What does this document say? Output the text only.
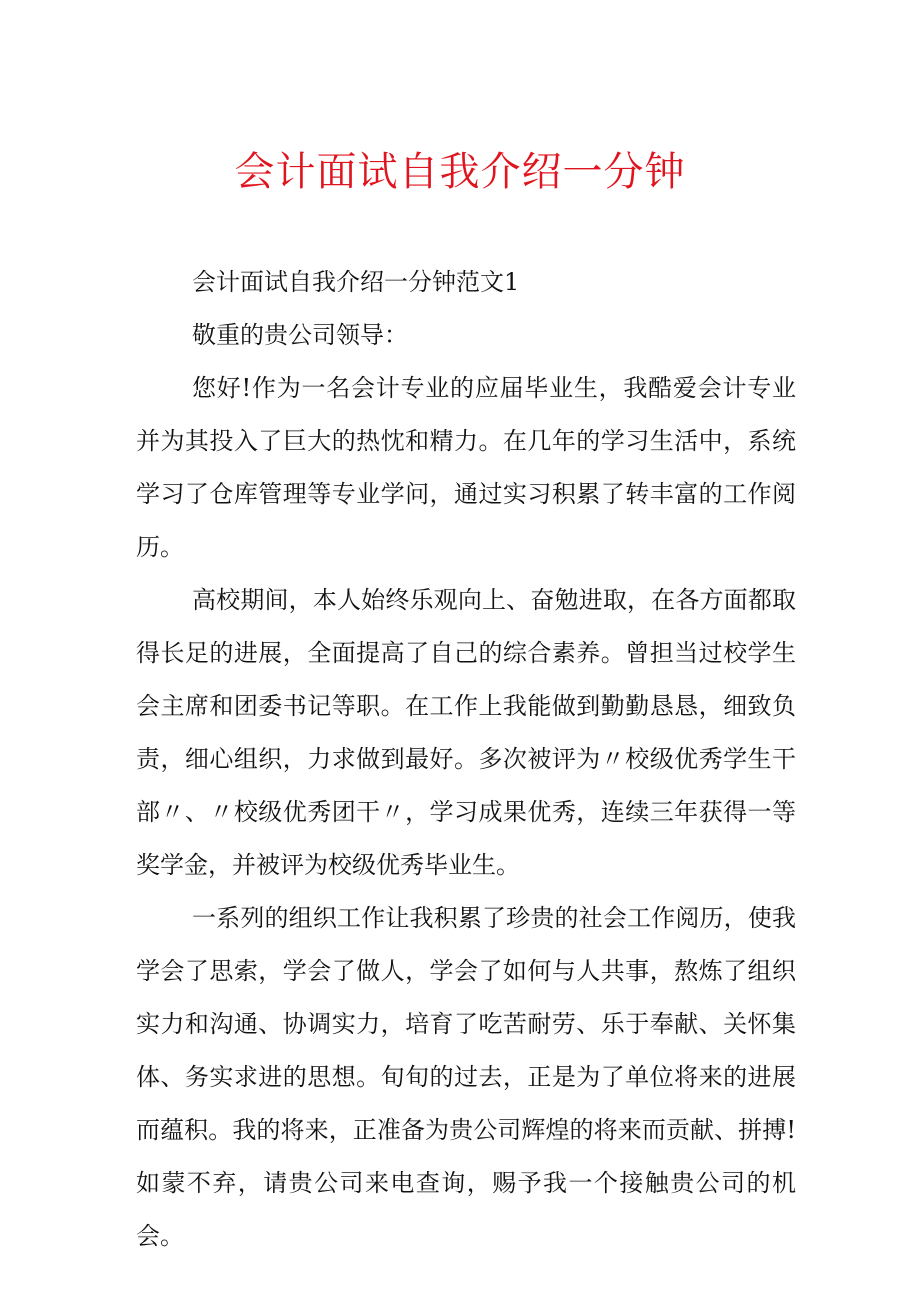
会计面试自我介绍一分钟

会计面试自我介绍一分钟范文1

敬重的贵公司领导：

您好!作为一名会计专业的应届毕业生，我酷爱会计专业并为其投入了巨大的热忱和精力。在几年的学习生活中，系统学习了仓库管理等专业学问，通过实习积累了转丰富的工作阅历。

高校期间，本人始终乐观向上、奋勉进取，在各方面都取得长足的进展，全面提高了自己的综合素养。曾担当过校学生会主席和团委书记等职。在工作上我能做到勤勤恳恳，细致负责，细心组织，力求做到最好。多次被评为〃校级优秀学生干部〃、〃校级优秀团干〃，学习成果优秀，连续三年获得一等奖学金，并被评为校级优秀毕业生。

一系列的组织工作让我积累了珍贵的社会工作阅历，使我学会了思索，学会了做人，学会了如何与人共事，熬炼了组织实力和沟通、协调实力，培育了吃苦耐劳、乐于奉献、关怀集体、务实求进的思想。旬旬的过去，正是为了单位将来的进展而蕴积。我的将来，正准备为贵公司辉煌的将来而贡献、拼搏!如蒙不弃，请贵公司来电查询，赐予我一个接触贵公司的机会。
